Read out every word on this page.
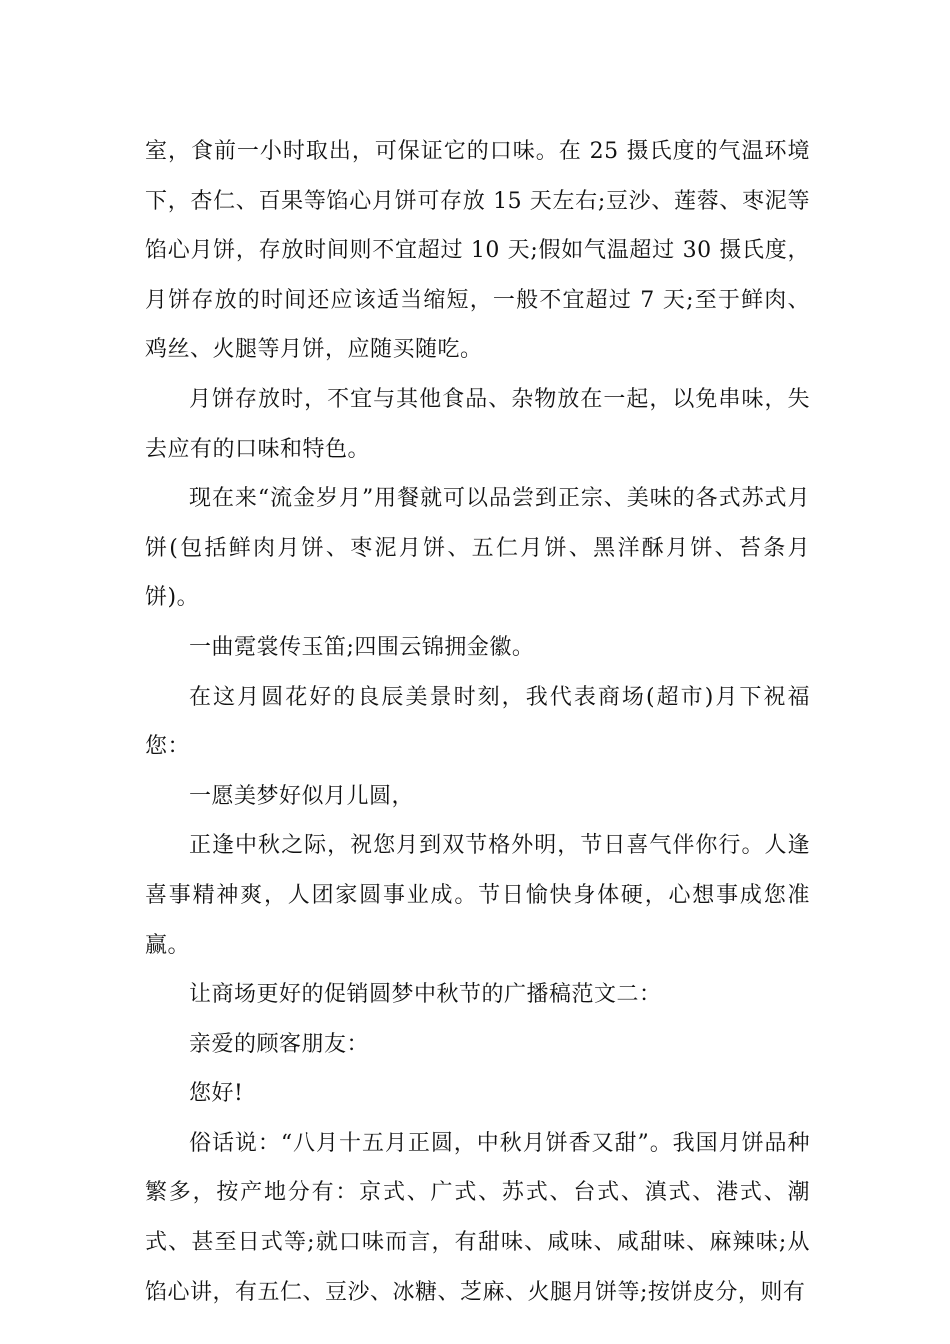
室，食前一小时取出，可保证它的口味。在 25 摄氏度的气温环境下，杏仁、百果等馅心月饼可存放 15 天左右;豆沙、莲蓉、枣泥等馅心月饼，存放时间则不宜超过 10 天;假如气温超过 30 摄氏度，月饼存放的时间还应该适当缩短，一般不宜超过 7 天;至于鲜肉、鸡丝、火腿等月饼，应随买随吃。

月饼存放时，不宜与其他食品、杂物放在一起，以免串味，失去应有的口味和特色。

现在来“流金岁月”用餐就可以品尝到正宗、美味的各式苏式月饼(包括鲜肉月饼、枣泥月饼、五仁月饼、黑洋酥月饼、苔条月饼)。

一曲霓裳传玉笛;四围云锦拥金徽。

在这月圆花好的良辰美景时刻，我代表商场(超市)月下祝福您：

一愿美梦好似月儿圆，

正逢中秋之际，祝您月到双节格外明，节日喜气伴你行。人逢喜事精神爽，人团家圆事业成。节日愉快身体硬，心想事成您准赢。

让商场更好的促销圆梦中秋节的广播稿范文二：

亲爱的顾客朋友：

您好!

俗话说：“八月十五月正圆，中秋月饼香又甜”。我国月饼品种繁多，按产地分有：京式、广式、苏式、台式、滇式、港式、潮式、甚至日式等;就口味而言，有甜味、咸味、咸甜味、麻辣味;从馅心讲，有五仁、豆沙、冰糖、芝麻、火腿月饼等;按饼皮分，则有
